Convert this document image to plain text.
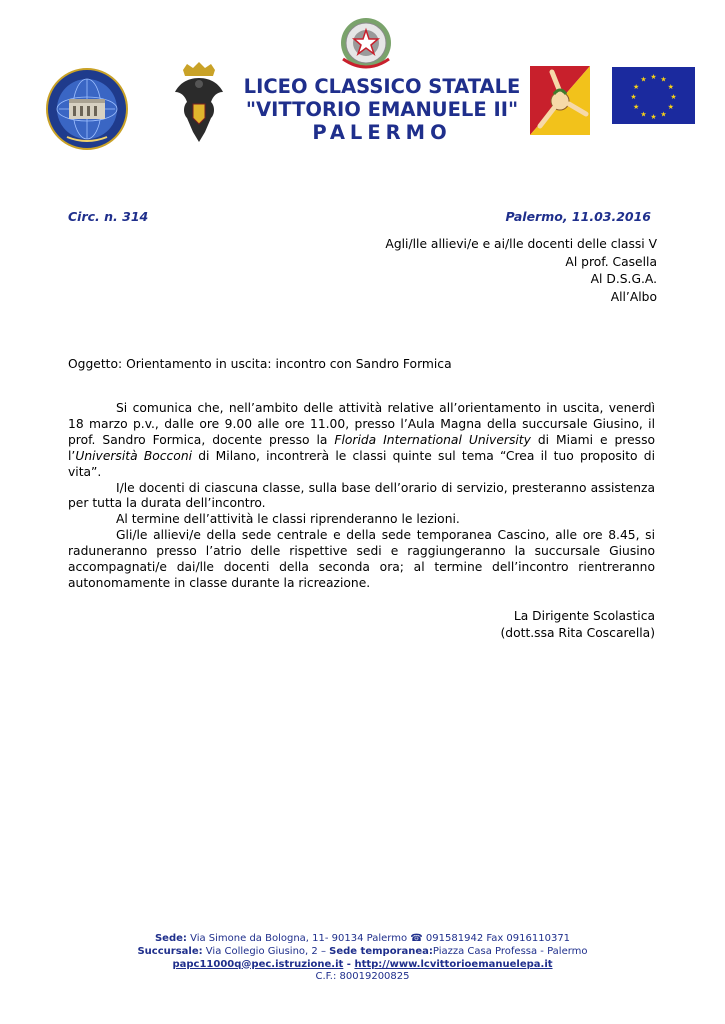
★ ★
★
★
★
★
★
★
★
★
★
★
LICEO CLASSICO STATALE
"VITTORIO EMANUELE II"
PALERMO
Circ. n. 314	Palermo, 11.03.2016
Agli/lle allievi/e e ai/lle docenti delle classi V
Al prof. Casella
Al D.S.G.A.
All’Albo
Oggetto: Orientamento in uscita: incontro con Sandro Formica

Si comunica che, nell’ambito delle attività relative all’orientamento in uscita, venerdì 18 marzo p.v., dalle ore 9.00 alle ore 11.00, presso l’Aula Magna della succursale Giusino, il prof. Sandro Formica, docente presso la Florida International University di Miami e presso l’Università Bocconi di Milano, incontrerà le classi quinte sul tema “Crea il tuo proposito di vita”.

I/le docenti di ciascuna classe, sulla base dell’orario di servizio, presteranno assistenza per tutta la durata dell’incontro.

Al termine dell’attività le classi riprenderanno le lezioni.

Gli/le allievi/e della sede centrale e della sede temporanea Cascino, alle ore 8.45, si raduneranno presso l’atrio delle rispettive sedi e raggiungeranno la succursale Giusino accompagnati/e dai/lle docenti della seconda ora; al termine dell’incontro rientreranno autonomamente in classe durante la ricreazione.

La Dirigente Scolastica
(dott.ssa Rita Coscarella)
Sede: Via Simone da Bologna, 11- 90134 Palermo ☎ 091581942 Fax 0916110371
Succursale: Via Collegio Giusino, 2 – Sede temporanea:Piazza Casa Professa - Palermo
papc11000q@pec.istruzione.it - http://www.lcvittorioemanuelepa.it
C.F.: 80019200825
